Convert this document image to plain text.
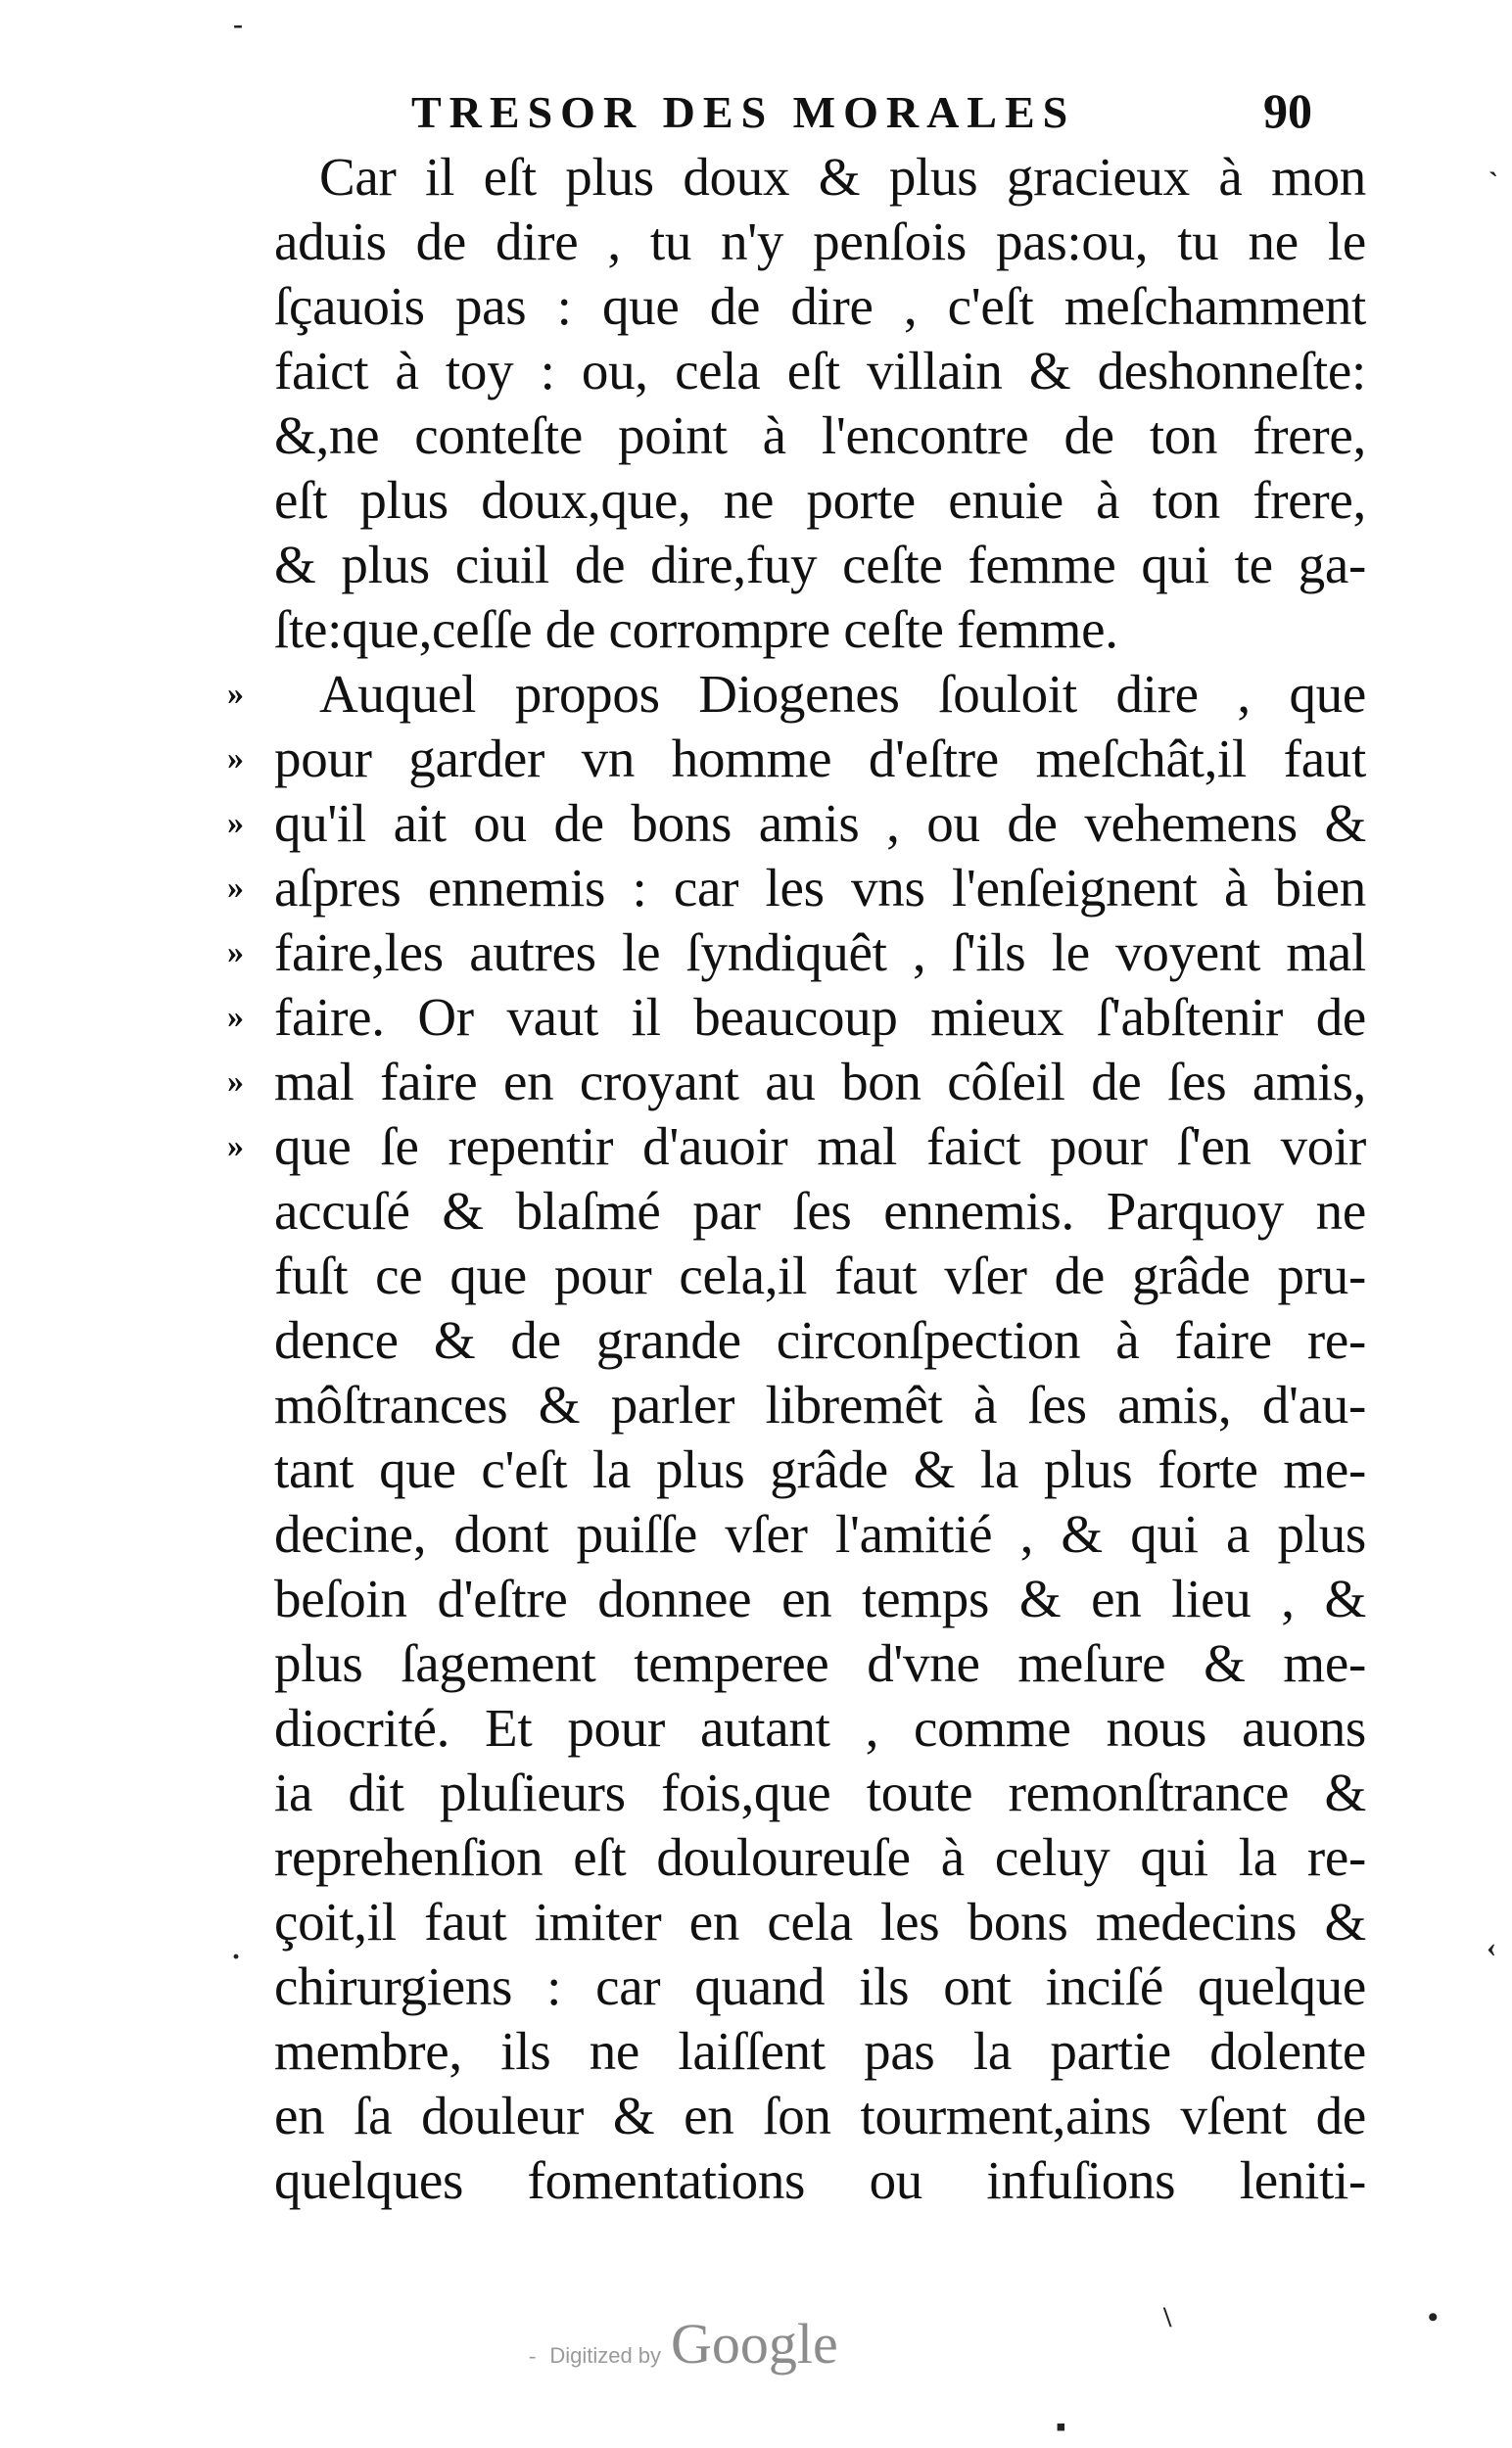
TRESOR DES MORALES	90
-
`
·	‹
•
\
▪
Car il eſt plus doux & plus gracieux à mon
aduis de dire , tu n'y penſois pas:ou, tu ne le
ſçauois pas : que de dire , c'eſt meſchamment
faict à toy : ou, cela eſt villain & deshonneſte:
&,ne conteſte point à l'encontre de ton frere,
eſt plus doux,que, ne porte enuie à ton frere,
& plus ciuil de dire,fuy ceſte femme qui te ga-
ſte:que,ceſſe de corrompre ceſte femme.
» Auquel propos Diogenes ſouloit dire , que
» pour garder vn homme d'eſtre meſchât,il faut
» qu'il ait ou de bons amis , ou de vehemens &
» aſpres ennemis : car les vns l'enſeignent à bien
» faire,les autres le ſyndiquêt , ſ'ils le voyent mal
» faire. Or vaut il beaucoup mieux ſ'abſtenir de
» mal faire en croyant au bon côſeil de ſes amis,
» que ſe repentir d'auoir mal faict pour ſ'en voir
accuſé & blaſmé par ſes ennemis. Parquoy ne
fuſt ce que pour cela,il faut vſer de grâde pru-
dence & de grande circonſpection à faire re-
môſtrances & parler libremêt à ſes amis, d'au-
tant que c'eſt la plus grâde & la plus forte me-
decine, dont puiſſe vſer l'amitié , & qui a plus
beſoin d'eſtre donnee en temps & en lieu , &
plus ſagement temperee d'vne meſure & me-
diocrité. Et pour autant , comme nous auons
ia dit pluſieurs fois,que toute remonſtrance &
reprehenſion eſt douloureuſe à celuy qui la re-
çoit,il faut imiter en cela les bons medecins &
chirurgiens : car quand ils ont inciſé quelque
membre, ils ne laiſſent pas la partie dolente
en ſa douleur & en ſon tourment,ains vſent de
quelques fomentations ou infuſions leniti-
- Digitized by Google
